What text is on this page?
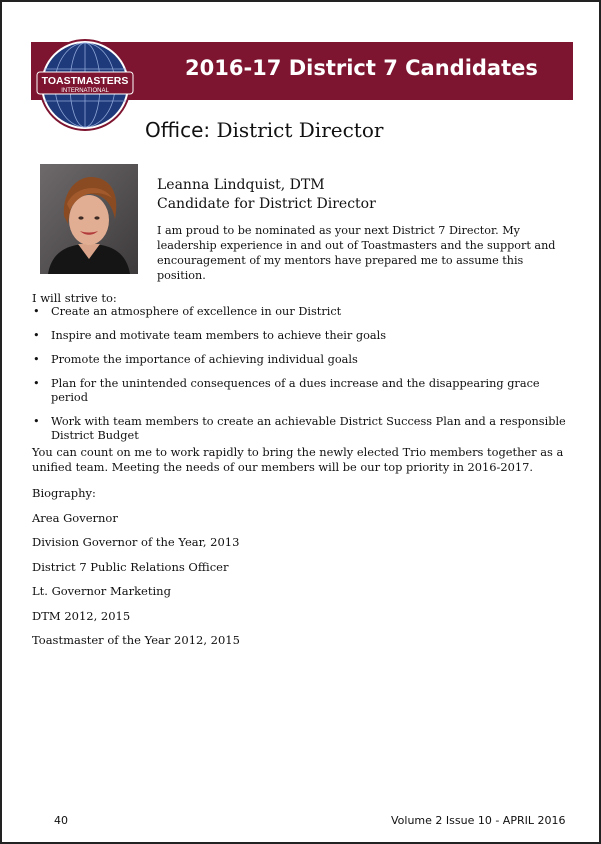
2016-17 District 7 Candidates
TOASTMASTERS
INTERNATIONAL
Office: District Director
Leanna Lindquist, DTM
Candidate for District Director
I am proud to be nominated as your next District 7 Director. My leadership experience in and out of Toastmasters and the support and encouragement of my mentors have prepared me to assume this position.
I will strive to:
• Create an atmosphere of excellence in our District
• Inspire and motivate team members to achieve their goals
• Promote the importance of achieving individual goals
• Plan for the unintended consequences of a dues increase and the disappearing grace period
• Work with team members to create an achievable District Success Plan and a responsible District Budget
You can count on me to work rapidly to bring the newly elected Trio members together as a unified team. Meeting the needs of our members will be our top priority in 2016-2017.
Biography:
Area Governor
Division Governor of the Year, 2013
District 7 Public Relations Officer
Lt. Governor Marketing
DTM 2012, 2015
Toastmaster of the Year 2012, 2015
40	Volume 2 Issue 10 - APRIL 2016
